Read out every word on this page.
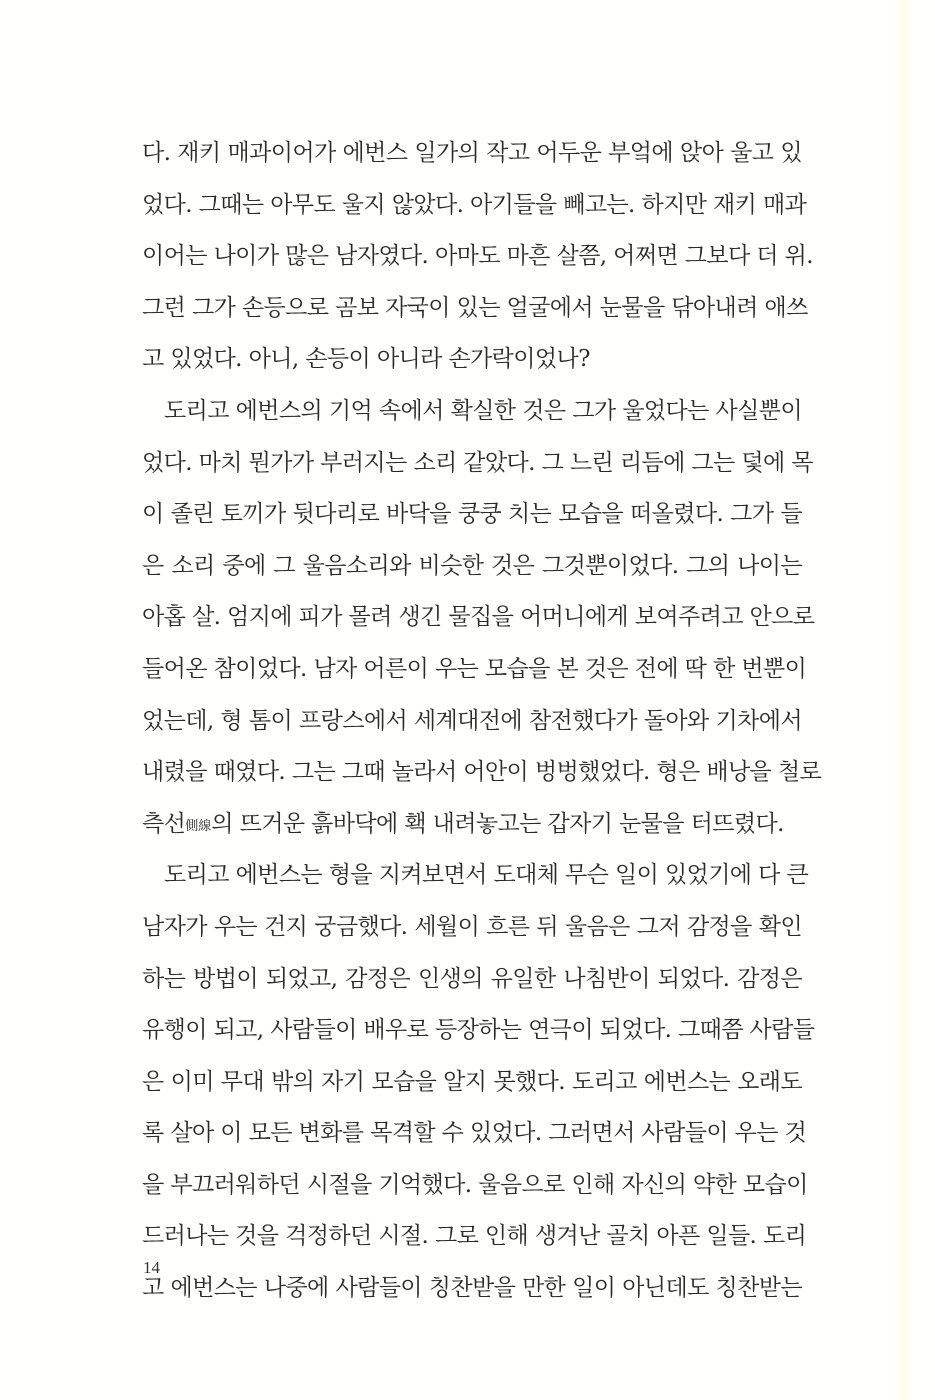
다. 재키 매과이어가 에번스 일가의 작고 어두운 부엌에 앉아 울고 있
었다. 그때는 아무도 울지 않았다. 아기들을 빼고는. 하지만 재키 매과
이어는 나이가 많은 남자였다. 아마도 마흔 살쯤, 어쩌면 그보다 더 위.
그런 그가 손등으로 곰보 자국이 있는 얼굴에서 눈물을 닦아내려 애쓰
고 있었다. 아니, 손등이 아니라 손가락이었나?
도리고 에번스의 기억 속에서 확실한 것은 그가 울었다는 사실뿐이
었다. 마치 뭔가가 부러지는 소리 같았다. 그 느린 리듬에 그는 덫에 목
이 졸린 토끼가 뒷다리로 바닥을 쿵쿵 치는 모습을 떠올렸다. 그가 들
은 소리 중에 그 울음소리와 비슷한 것은 그것뿐이었다. 그의 나이는
아홉 살. 엄지에 피가 몰려 생긴 물집을 어머니에게 보여주려고 안으로
들어온 참이었다. 남자 어른이 우는 모습을 본 것은 전에 딱 한 번뿐이
었는데, 형 톰이 프랑스에서 세계대전에 참전했다가 돌아와 기차에서
내렸을 때였다. 그는 그때 놀라서 어안이 벙벙했었다. 형은 배낭을 철로
측선側線의 뜨거운 흙바닥에 홱 내려놓고는 갑자기 눈물을 터뜨렸다.
도리고 에번스는 형을 지켜보면서 도대체 무슨 일이 있었기에 다 큰
남자가 우는 건지 궁금했다. 세월이 흐른 뒤 울음은 그저 감정을 확인
하는 방법이 되었고, 감정은 인생의 유일한 나침반이 되었다. 감정은
유행이 되고, 사람들이 배우로 등장하는 연극이 되었다. 그때쯤 사람들
은 이미 무대 밖의 자기 모습을 알지 못했다. 도리고 에번스는 오래도
록 살아 이 모든 변화를 목격할 수 있었다. 그러면서 사람들이 우는 것
을 부끄러워하던 시절을 기억했다. 울음으로 인해 자신의 약한 모습이
드러나는 것을 걱정하던 시절. 그로 인해 생겨난 골치 아픈 일들. 도리
고 에번스는 나중에 사람들이 칭찬받을 만한 일이 아닌데도 칭찬받는
14
